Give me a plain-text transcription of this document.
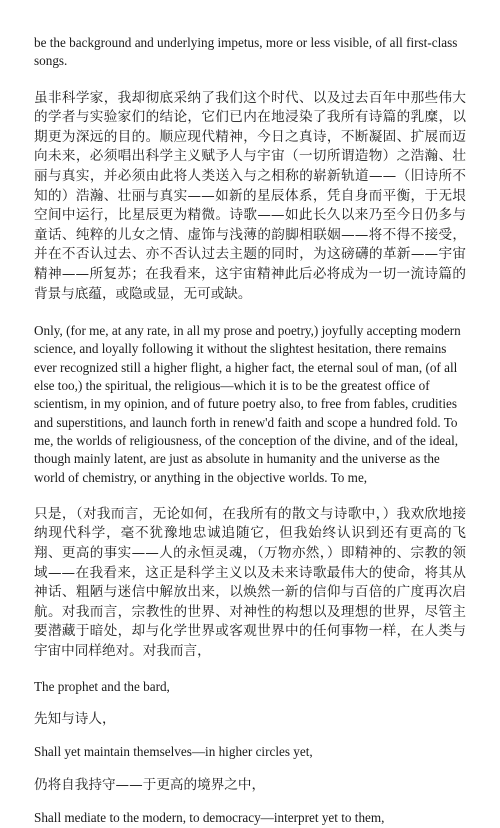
be the background and underlying impetus, more or less visible, of all first-class songs.

虽非科学家，我却彻底采纳了我们这个时代、以及过去百年中那些伟大的学者与实验家们的结论，它们已内在地浸染了我所有诗篇的乳糜，以期更为深远的目的。顺应现代精神，今日之真诗，不断凝固、扩展而迈向未来，必须唱出科学主义赋予人与宇宙（一切所谓造物）之浩瀚、壮丽与真实，并必须由此将人类送入与之相称的崭新轨道——（旧诗所不知的）浩瀚、壮丽与真实——如新的星辰体系，凭自身而平衡，于无垠空间中运行，比星辰更为精微。诗歌——如此长久以来乃至今日仍多与童话、纯粹的儿女之情、虚饰与浅薄的韵脚相联姻——将不得不接受，并在不否认过去、亦不否认过去主题的同时，为这磅礴的革新——宇宙精神——所复苏；在我看来，这宇宙精神此后必将成为一切一流诗篇的背景与底蕴，或隐或显，无可或缺。

Only, (for me, at any rate, in all my prose and poetry,) joyfully accepting modern science, and loyally following it without the slightest hesitation, there remains ever recognized still a higher flight, a higher fact, the eternal soul of man, (of all else too,) the spiritual, the religious—which it is to be the greatest office of scientism, in my opinion, and of future poetry also, to free from fables, crudities and superstitions, and launch forth in renew'd faith and scope a hundred fold. To me, the worlds of religiousness, of the conception of the divine, and of the ideal, though mainly latent, are just as absolute in humanity and the universe as the world of chemistry, or anything in the objective worlds. To me,

只是，（对我而言，无论如何，在我所有的散文与诗歌中，）我欢欣地接纳现代科学，毫不犹豫地忠诚追随它，但我始终认识到还有更高的飞翔、更高的事实——人的永恒灵魂，（万物亦然，）即精神的、宗教的领域——在我看来，这正是科学主义以及未来诗歌最伟大的使命，将其从神话、粗陋与迷信中解放出来，以焕然一新的信仰与百倍的广度再次启航。对我而言，宗教性的世界、对神性的构想以及理想的世界，尽管主要潜藏于暗处，却与化学世界或客观世界中的任何事物一样，在人类与宇宙中同样绝对。对我而言，

The prophet and the bard,

先知与诗人，

Shall yet maintain themselves—in higher circles yet,

仍将自我持守——于更高的境界之中，

Shall mediate to the modern, to democracy—interpret yet to them,
